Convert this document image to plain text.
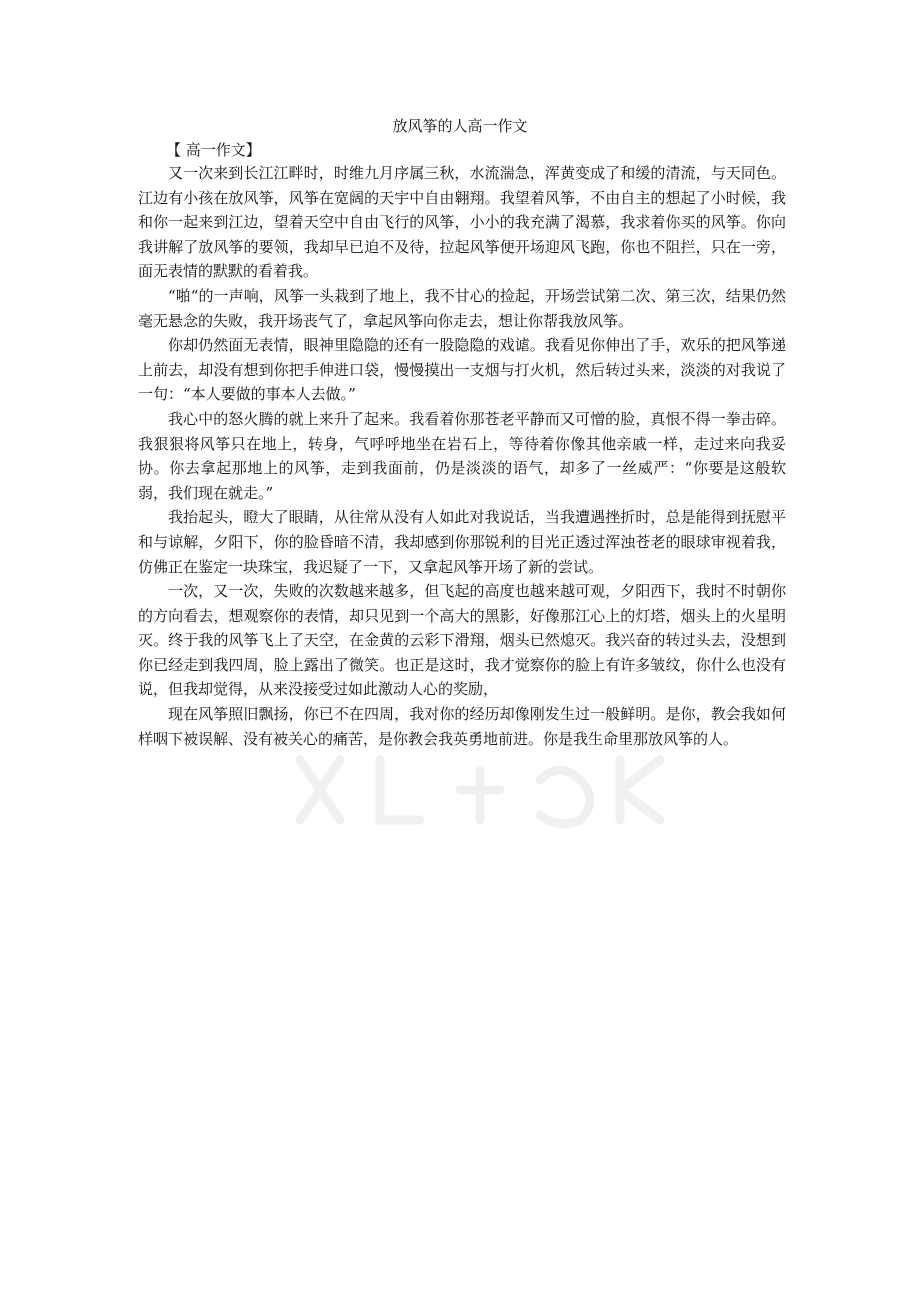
放风筝的人高一作文
【 高一作文】

又一次来到长江江畔时，时维九月序属三秋，水流湍急，浑黄变成了和缓的清流，与天同色。江边有小孩在放风筝，风筝在宽阔的天宇中自由翱翔。我望着风筝，不由自主的想起了小时候，我和你一起来到江边，望着天空中自由飞行的风筝，小小的我充满了渴慕，我求着你买的风筝。你向我讲解了放风筝的要领，我却早已迫不及待，拉起风筝便开场迎风飞跑，你也不阻拦，只在一旁，面无表情的默默的看着我。

“啪“的一声响，风筝一头栽到了地上，我不甘心的捡起，开场尝试第二次、第三次，结果仍然毫无悬念的失败，我开场丧气了，拿起风筝向你走去，想让你帮我放风筝。

你却仍然面无表情，眼神里隐隐的还有一股隐隐的戏谑。我看见你伸出了手，欢乐的把风筝递上前去，却没有想到你把手伸进口袋，慢慢摸出一支烟与打火机，然后转过头来，淡淡的对我说了一句：“本人要做的事本人去做。”

我心中的怒火腾的就上来升了起来。我看着你那苍老平静而又可憎的脸，真恨不得一拳击碎。我狠狠将风筝只在地上，转身，气呼呼地坐在岩石上，等待着你像其他亲戚一样，走过来向我妥协。你去拿起那地上的风筝，走到我面前，仍是淡淡的语气，却多了一丝威严：“你要是这般软弱，我们现在就走。”

我抬起头，瞪大了眼睛，从往常从没有人如此对我说话，当我遭遇挫折时，总是能得到抚慰平和与谅解，夕阳下，你的脸昏暗不清，我却感到你那锐利的目光正透过浑浊苍老的眼球审视着我，仿佛正在鉴定一块珠宝，我迟疑了一下，又拿起风筝开场了新的尝试。

一次，又一次，失败的次数越来越多，但飞起的高度也越来越可观，夕阳西下，我时不时朝你的方向看去，想观察你的表情，却只见到一个高大的黑影，好像那江心上的灯塔，烟头上的火星明灭。终于我的风筝飞上了天空，在金黄的云彩下滑翔，烟头已然熄灭。我兴奋的转过头去，没想到你已经走到我四周，脸上露出了微笑。也正是这时，我才觉察你的脸上有许多皱纹，你什么也没有说，但我却觉得，从来没接受过如此激动人心的奖励，

现在风筝照旧飘扬，你已不在四周，我对你的经历却像刚发生过一般鲜明。是你，教会我如何样咽下被误解、没有被关心的痛苦，是你教会我英勇地前进。你是我生命里那放风筝的人。
